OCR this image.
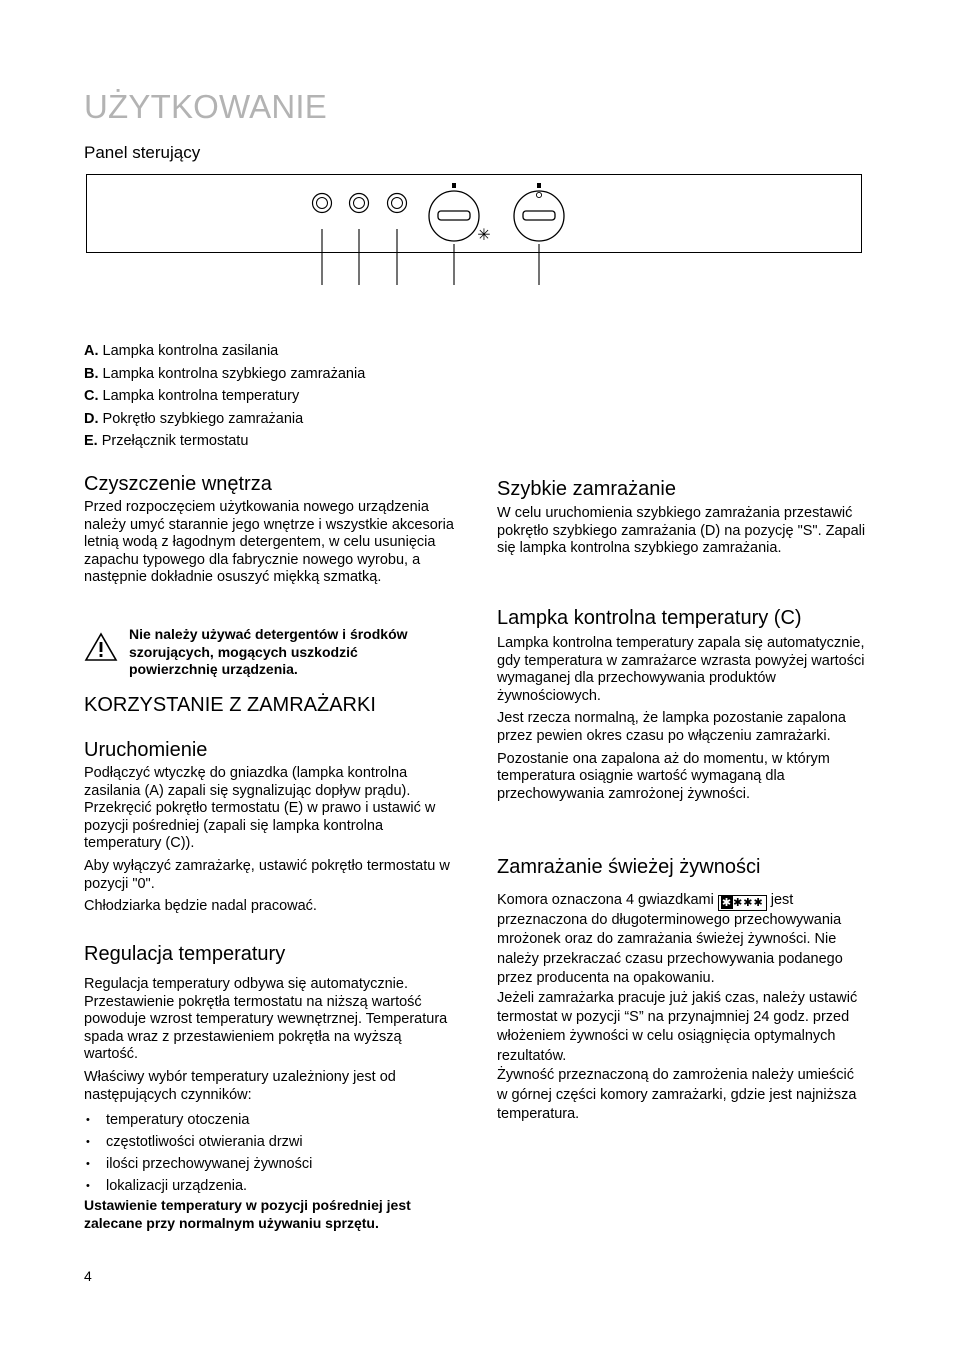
UŻYTKOWANIE
Panel sterujący
✳
A. Lampka kontrolna zasilania
B. Lampka kontrolna szybkiego zamrażania
C. Lampka kontrolna temperatury
D. Pokrętło szybkiego zamrażania
E. Przełącznik termostatu
Czyszczenie wnętrza

Przed rozpoczęciem użytkowania nowego urządzenia należy umyć starannie jego wnętrze i wszystkie akcesoria letnią wodą z łagodnym detergentem, w celu usunięcia zapachu typowego dla fabrycznie nowego wyrobu, a następnie dokładnie osuszyć miękką szmatką.

Nie należy używać detergentów i środków szorujących, mogących uszkodzić powierzchnię urządzenia.
KORZYSTANIE Z ZAMRAŻARKI
Uruchomienie

Podłączyć wtyczkę do gniazdka (lampka kontrolna zasilania (A) zapali się sygnalizując dopływ prądu). Przekręcić pokrętło termostatu (E) w prawo i ustawić w pozycji pośredniej (zapali się lampka kontrolna temperatury (C)).

Aby wyłączyć zamrażarkę, ustawić pokrętło termostatu w pozycji "0".

Chłodziarka będzie nadal pracować.

Regulacja temperatury

Regulacja temperatury odbywa się automatycznie. Przestawienie pokrętła termostatu na niższą wartość powoduje wzrost temperatury wewnętrznej. Temperatura spada wraz z przestawieniem pokrętła na wyższą wartość.

Właściwy wybór temperatury uzależniony jest od następujących czynników:

• temperatury otoczenia
• częstotliwości otwierania drzwi
• ilości przechowywanej żywności
• lokalizacji urządzenia.
Ustawienie temperatury w pozycji pośredniej jest zalecane przy normalnym używaniu sprzętu.
Szybkie zamrażanie

W celu uruchomienia szybkiego zamrażania przestawić pokrętło szybkiego zamrażania (D) na pozycję "S". Zapali się lampka kontrolna szybkiego zamrażania.

Lampka kontrolna temperatury (C)

Lampka kontrolna temperatury zapala się automatycznie, gdy temperatura w zamrażarce wzrasta powyżej wartości wymaganej dla przechowywania produktów żywnościowych.

Jest rzecza normalną, że lampka pozostanie zapalona przez pewien okres czasu po włączeniu zamrażarki.

Pozostanie ona zapalona aż do momentu, w którym temperatura osiągnie wartość wymaganą dla przechowywania zamrożonej żywności.

Zamrażanie świeżej żywności

Komora oznaczona 4 gwiazdkami ✱✱✱✱ jest przeznaczona do długoterminowego przechowywania mrożonek oraz do zamrażania świeżej żywności. Nie należy przekraczać czasu przechowywania podanego przez producenta na opakowaniu.

Jeżeli zamrażarka pracuje już jakiś czas, należy ustawić termostat w pozycji “S” na przynajmniej 24 godz. przed włożeniem żywności w celu osiągnięcia optymalnych rezultatów.

Żywność przeznaczoną do zamrożenia należy umieścić w górnej części komory zamrażarki, gdzie jest najniższa temperatura.

4
